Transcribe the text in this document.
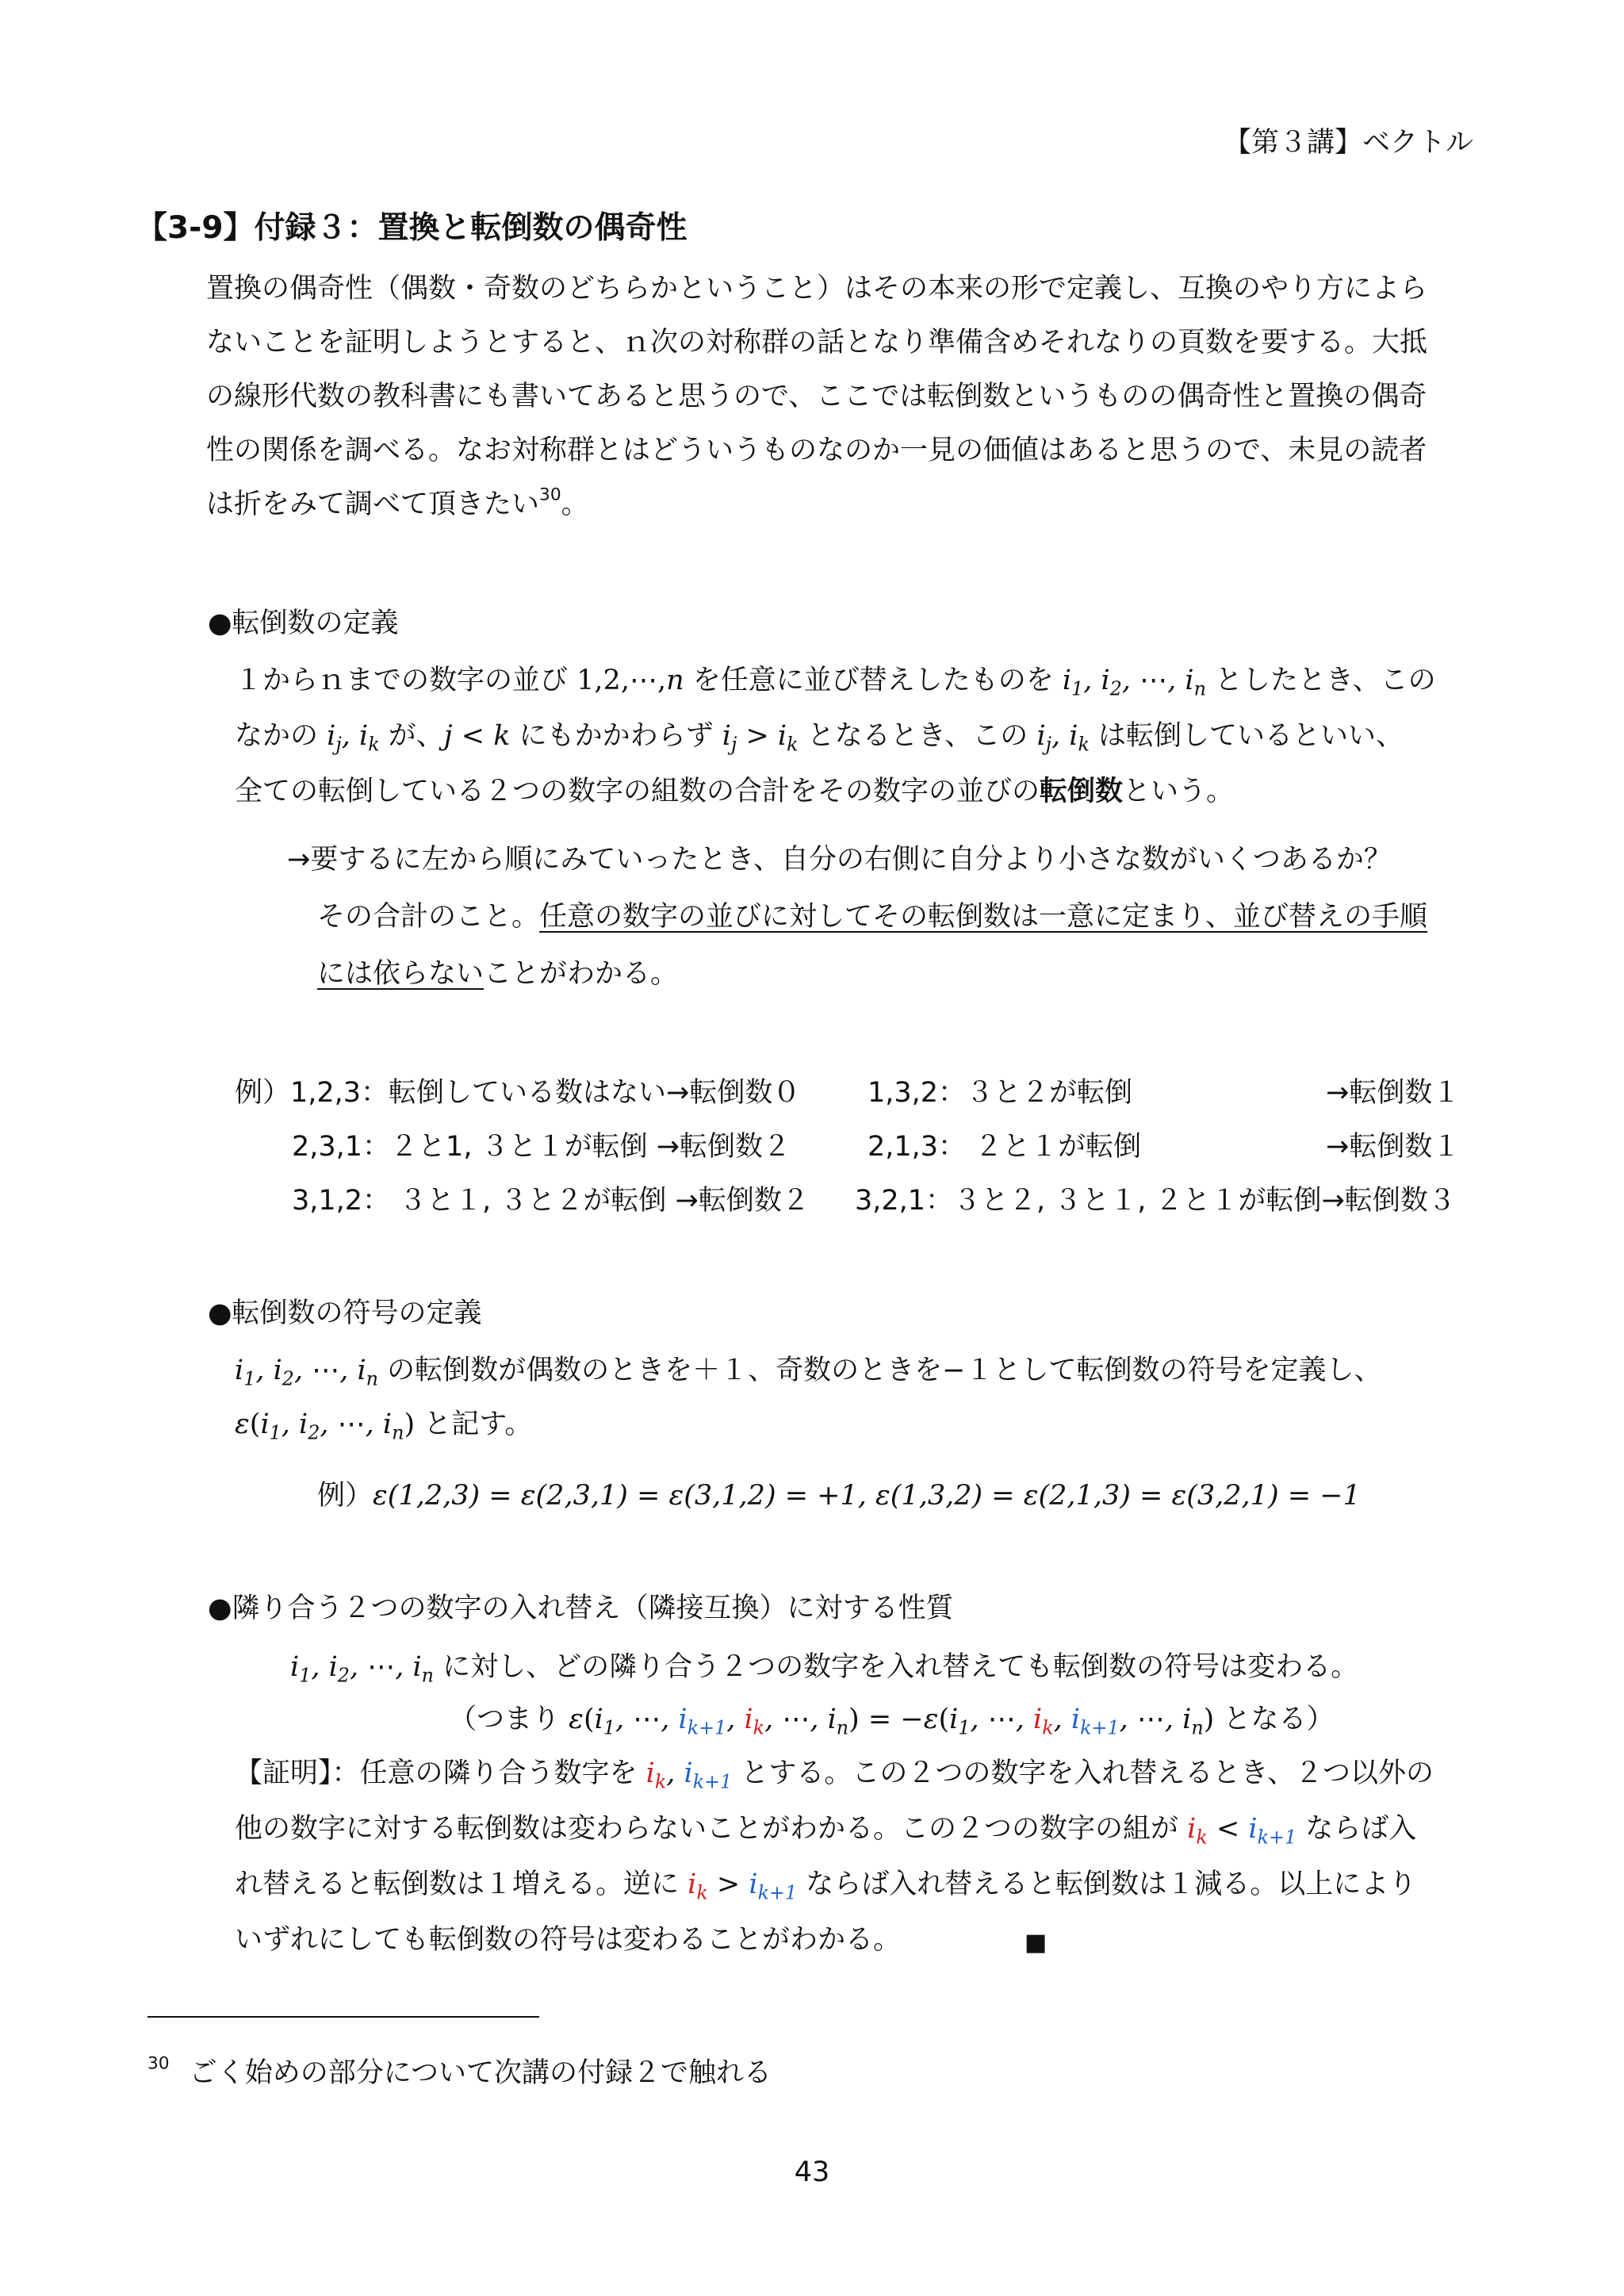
【第３講】ベクトル
【3-9】付録３：置換と転倒数の偶奇性
置換の偶奇性（偶数・奇数のどちらかということ）はその本来の形で定義し、互換のやり方によら
ないことを証明しようとすると、ｎ次の対称群の話となり準備含めそれなりの頁数を要する。大抵
の線形代数の教科書にも書いてあると思うので、ここでは転倒数というものの偶奇性と置換の偶奇
性の関係を調べる。なお対称群とはどういうものなのか一見の価値はあると思うので、未見の読者
は折をみて調べて頂きたい$^{30}$。
●転倒数の定義
１からｎまでの数字の並び 1,2,⋯,n を任意に並び替えしたものを $i_1$, $i_2$, ⋯, $i_n$ としたとき、この
なかの $i_j$, $i_k$ が、j < k にもかかわらず $i_j > i_k$ となるとき、この $i_j$, $i_k$ は転倒しているといい、
全ての転倒している２つの数字の組数の合計をその数字の並びの転倒数という。
→要するに左から順にみていったとき、自分の右側に自分より小さな数がいくつあるか？
その合計のこと。任意の数字の並びに対してその転倒数は一意に定まり、並び替えの手順
には依らないことがわかる。
例）1,2,3：転倒している数はない→転倒数０ 1,3,2：３と２が転倒	→転倒数１
2,3,1：２と1, ３と１が転倒 →転倒数２	2,1,3： ２と１が転倒	→転倒数１
3,1,2： ３と１, ３と２が転倒 →転倒数２ 3,2,1：３と２, ３と１, ２と１が転倒→転倒数３
●転倒数の符号の定義
$i_1$, $i_2$, ⋯, $i_n$ の転倒数が偶数のときを＋１、奇数のときを−１として転倒数の符号を定義し、
$\varepsilon(i_1$, $i_2$, ⋯, $i_n$) と記す。
例）ε(1,2,3) = ε(2,3,1) = ε(3,1,2) = +1, ε(1,3,2) = ε(2,1,3) = ε(3,2,1) = −1
●隣り合う２つの数字の入れ替え（隣接互換）に対する性質
$i_1$, $i_2$, ⋯, $i_n$ に対し、どの隣り合う２つの数字を入れ替えても転倒数の符号は変わる。
（つまり $\varepsilon(i_1$, ⋯, $i_{k+1}$, $i_k$, ⋯, $i_n) = -\varepsilon(i_1$, ⋯, $i_k$, $i_{k+1}$, ⋯, $i_n$) となる）
【証明】：任意の隣り合う数字を $i_k$, $i_{k+1}$ とする。この２つの数字を入れ替えるとき、２つ以外の
他の数字に対する転倒数は変わらないことがわかる。この２つの数字の組が $i_k < i_{k+1}$ ならば入
れ替えると転倒数は１増える。逆に $i_k > i_{k+1}$ ならば入れ替えると転倒数は１減る。以上により
いずれにしても転倒数の符号は変わることがわかる。	■
$^{30}$ ごく始めの部分について次講の付録２で触れる
43
